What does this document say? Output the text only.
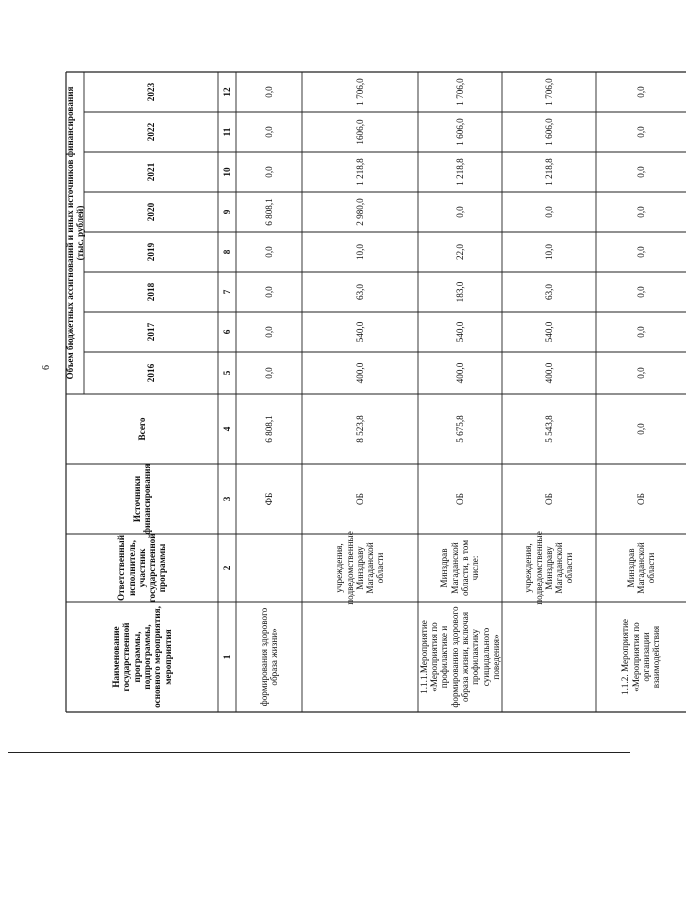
6
Наименование государственной программы, подпрограммы, основного мероприятия, мероприятия
Ответственный исполнитель, участник государственной программы
Источники финансирования
Всего
Объем бюджетных ассигнований и иных источников финансирования (тыс. рублей)
2016
2017
2018
2019
2020
2021
2022
2023
1
2
3
4
5
6
7
8
9
10
11
12
формирования здорового образа жизни»
ФБ
6 808,1
0,0
0,0
0,0
0,0
6 808,1
0,0
0,0
0,0
учреждения, подведомственные Минздраву Магаданской области
ОБ
8 523,8
400,0
540,0
63,0
10,0
2 980,0
1 218,8
1606,0
1 706,0
1.1.1.Мероприятие «Мероприятия по профилактике и формированию здорового образа жизни, включая профилактику суицидального поведения»
Минздрав Магаданской области, в том числе:
ОБ
5 675,8
400,0
540,0
183,0
22,0
0,0
1 218,8
1 606,0
1 706,0
учреждения, подведомственные Минздраву Магаданской области
ОБ
5 543,8
400,0
540,0
63,0
10,0
0,0
1 218,8
1 606,0
1 706,0
1.1.2. Мероприятие «Мероприятия по организации взаимодействия
Минздрав Магаданской области
ОБ
0,0
0,0
0,0
0,0
0,0
0,0
0,0
0,0
0,0
